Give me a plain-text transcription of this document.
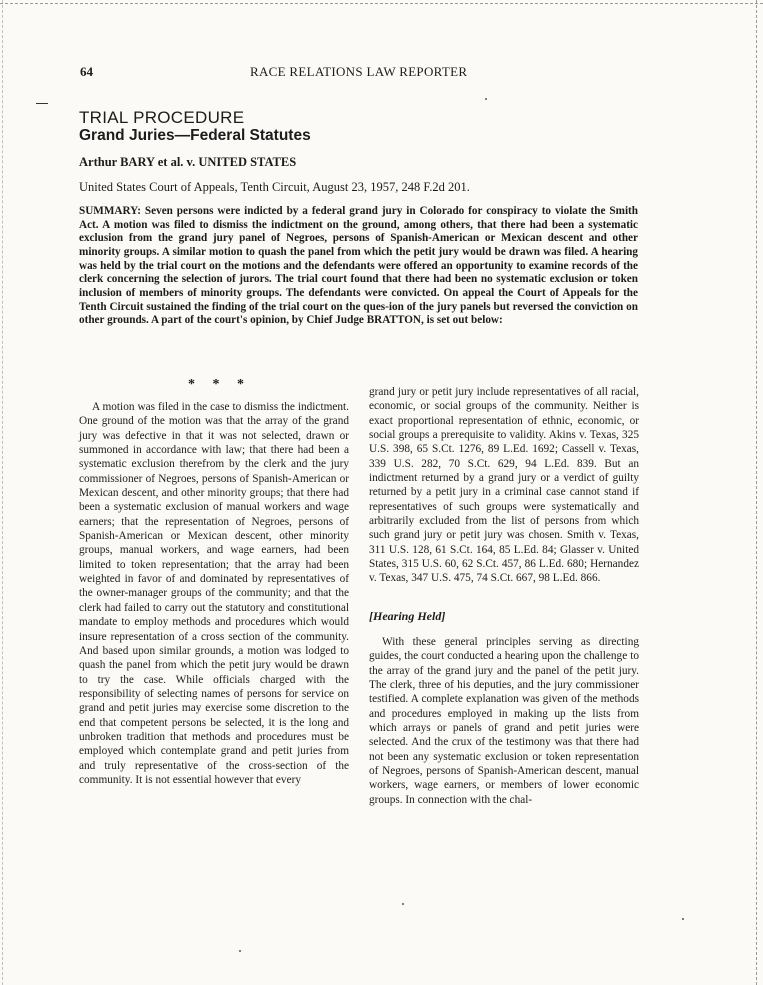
64	RACE RELATIONS LAW REPORTER
TRIAL PROCEDURE
Grand Juries—Federal Statutes
Arthur BARY et al. v. UNITED STATES
United States Court of Appeals, Tenth Circuit, August 23, 1957, 248 F.2d 201.

SUMMARY: Seven persons were indicted by a federal grand jury in Colorado for conspiracy to violate the Smith Act. A motion was filed to dismiss the indictment on the ground, among others, that there had been a systematic exclusion from the grand jury panel of Negroes, persons of Spanish-American or Mexican descent and other minority groups. A similar motion to quash the panel from which the petit jury would be drawn was filed. A hearing was held by the trial court on the motions and the defendants were offered an opportunity to examine records of the clerk concerning the selection of jurors. The trial court found that there had been no systematic exclusion or token inclusion of members of minority groups. The defendants were convicted. On appeal the Court of Appeals for the Tenth Circuit sustained the finding of the trial court on the ques-ion of the jury panels but reversed the conviction on other grounds. A part of the court's opinion, by Chief Judge BRATTON, is set out below:

* * *

A motion was filed in the case to dismiss the indictment. One ground of the motion was that the array of the grand jury was defective in that it was not selected, drawn or summoned in accordance with law; that there had been a systematic exclusion therefrom by the clerk and the jury commissioner of Negroes, persons of Spanish-American or Mexican descent, and other minority groups; that there had been a systematic exclusion of manual workers and wage earners; that the representation of Negroes, persons of Spanish-American or Mexican descent, other minority groups, manual workers, and wage earners, had been limited to token representation; that the array had been weighted in favor of and dominated by representatives of the owner-manager groups of the community; and that the clerk had failed to carry out the statutory and constitutional mandate to employ methods and procedures which would insure representation of a cross section of the community. And based upon similar grounds, a motion was lodged to quash the panel from which the petit jury would be drawn to try the case. While officials charged with the responsibility of selecting names of persons for service on grand and petit juries may exercise some discretion to the end that competent persons be selected, it is the long and unbroken tradition that methods and procedures must be employed which contemplate grand and petit juries from and truly representative of the cross-section of the community. It is not essential however that every

grand jury or petit jury include representatives of all racial, economic, or social groups of the community. Neither is exact proportional representation of ethnic, economic, or social groups a prerequisite to validity. Akins v. Texas, 325 U.S. 398, 65 S.Ct. 1276, 89 L.Ed. 1692; Cassell v. Texas, 339 U.S. 282, 70 S.Ct. 629, 94 L.Ed. 839. But an indictment returned by a grand jury or a verdict of guilty returned by a petit jury in a criminal case cannot stand if representatives of such groups were systematically and arbitrarily excluded from the list of persons from which such grand jury or petit jury was chosen. Smith v. Texas, 311 U.S. 128, 61 S.Ct. 164, 85 L.Ed. 84; Glasser v. United States, 315 U.S. 60, 62 S.Ct. 457, 86 L.Ed. 680; Hernandez v. Texas, 347 U.S. 475, 74 S.Ct. 667, 98 L.Ed. 866.

[Hearing Held]

With these general principles serving as directing guides, the court conducted a hearing upon the challenge to the array of the grand jury and the panel of the petit jury. The clerk, three of his deputies, and the jury commissioner testified. A complete explanation was given of the methods and procedures employed in making up the lists from which arrays or panels of grand and petit juries were selected. And the crux of the testimony was that there had not been any systematic exclusion or token representation of Negroes, persons of Spanish-American descent, manual workers, wage earners, or members of lower economic groups. In connection with the chal-
